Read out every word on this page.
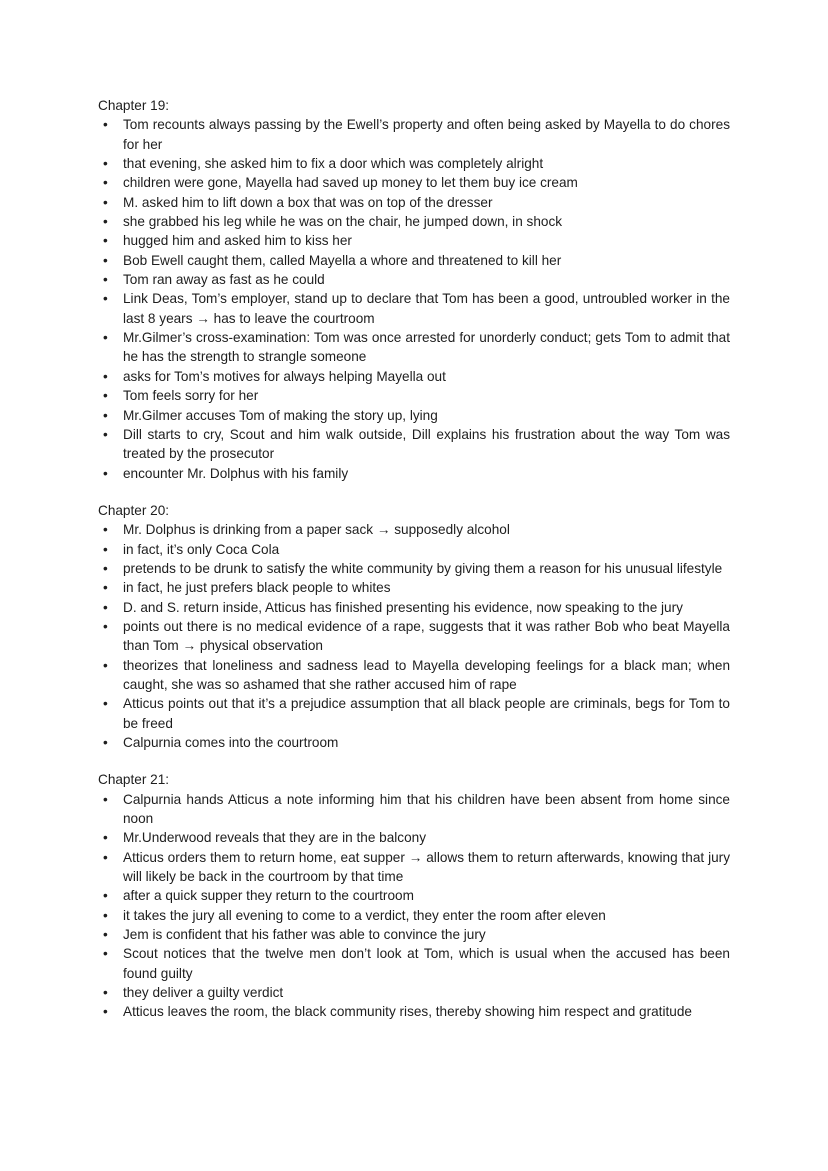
Chapter 19:
• Tom recounts always passing by the Ewell’s property and often being asked by Mayella to do chores for her
• that evening, she asked him to fix a door which was completely alright
• children were gone, Mayella had saved up money to let them buy ice cream
• M. asked him to lift down a box that was on top of the dresser
• she grabbed his leg while he was on the chair, he jumped down, in shock
• hugged him and asked him to kiss her
• Bob Ewell caught them, called Mayella a whore and threatened to kill her
• Tom ran away as fast as he could
• Link Deas, Tom’s employer, stand up to declare that Tom has been a good, untroubled worker in the last 8 years → has to leave the courtroom
• Mr.Gilmer’s cross-examination: Tom was once arrested for unorderly conduct; gets Tom to admit that he has the strength to strangle someone
• asks for Tom’s motives for always helping Mayella out
• Tom feels sorry for her
• Mr.Gilmer accuses Tom of making the story up, lying
• Dill starts to cry, Scout and him walk outside, Dill explains his frustration about the way Tom was treated by the prosecutor
• encounter Mr. Dolphus with his family
Chapter 20:
• Mr. Dolphus is drinking from a paper sack → supposedly alcohol
• in fact, it’s only Coca Cola
• pretends to be drunk to satisfy the white community by giving them a reason for his unusual lifestyle
• in fact, he just prefers black people to whites
• D. and S. return inside, Atticus has finished presenting his evidence, now speaking to the jury
• points out there is no medical evidence of a rape, suggests that it was rather Bob who beat Mayella than Tom → physical observation
• theorizes that loneliness and sadness lead to Mayella developing feelings for a black man; when caught, she was so ashamed that she rather accused him of rape
• Atticus points out that it’s a prejudice assumption that all black people are criminals, begs for Tom to be freed
• Calpurnia comes into the courtroom
Chapter 21:
• Calpurnia hands Atticus a note informing him that his children have been absent from home since noon
• Mr.Underwood reveals that they are in the balcony
• Atticus orders them to return home, eat supper → allows them to return afterwards, knowing that jury will likely be back in the courtroom by that time
• after a quick supper they return to the courtroom
• it takes the jury all evening to come to a verdict, they enter the room after eleven
• Jem is confident that his father was able to convince the jury
• Scout notices that the twelve men don’t look at Tom, which is usual when the accused has been found guilty
• they deliver a guilty verdict
• Atticus leaves the room, the black community rises, thereby showing him respect and gratitude
